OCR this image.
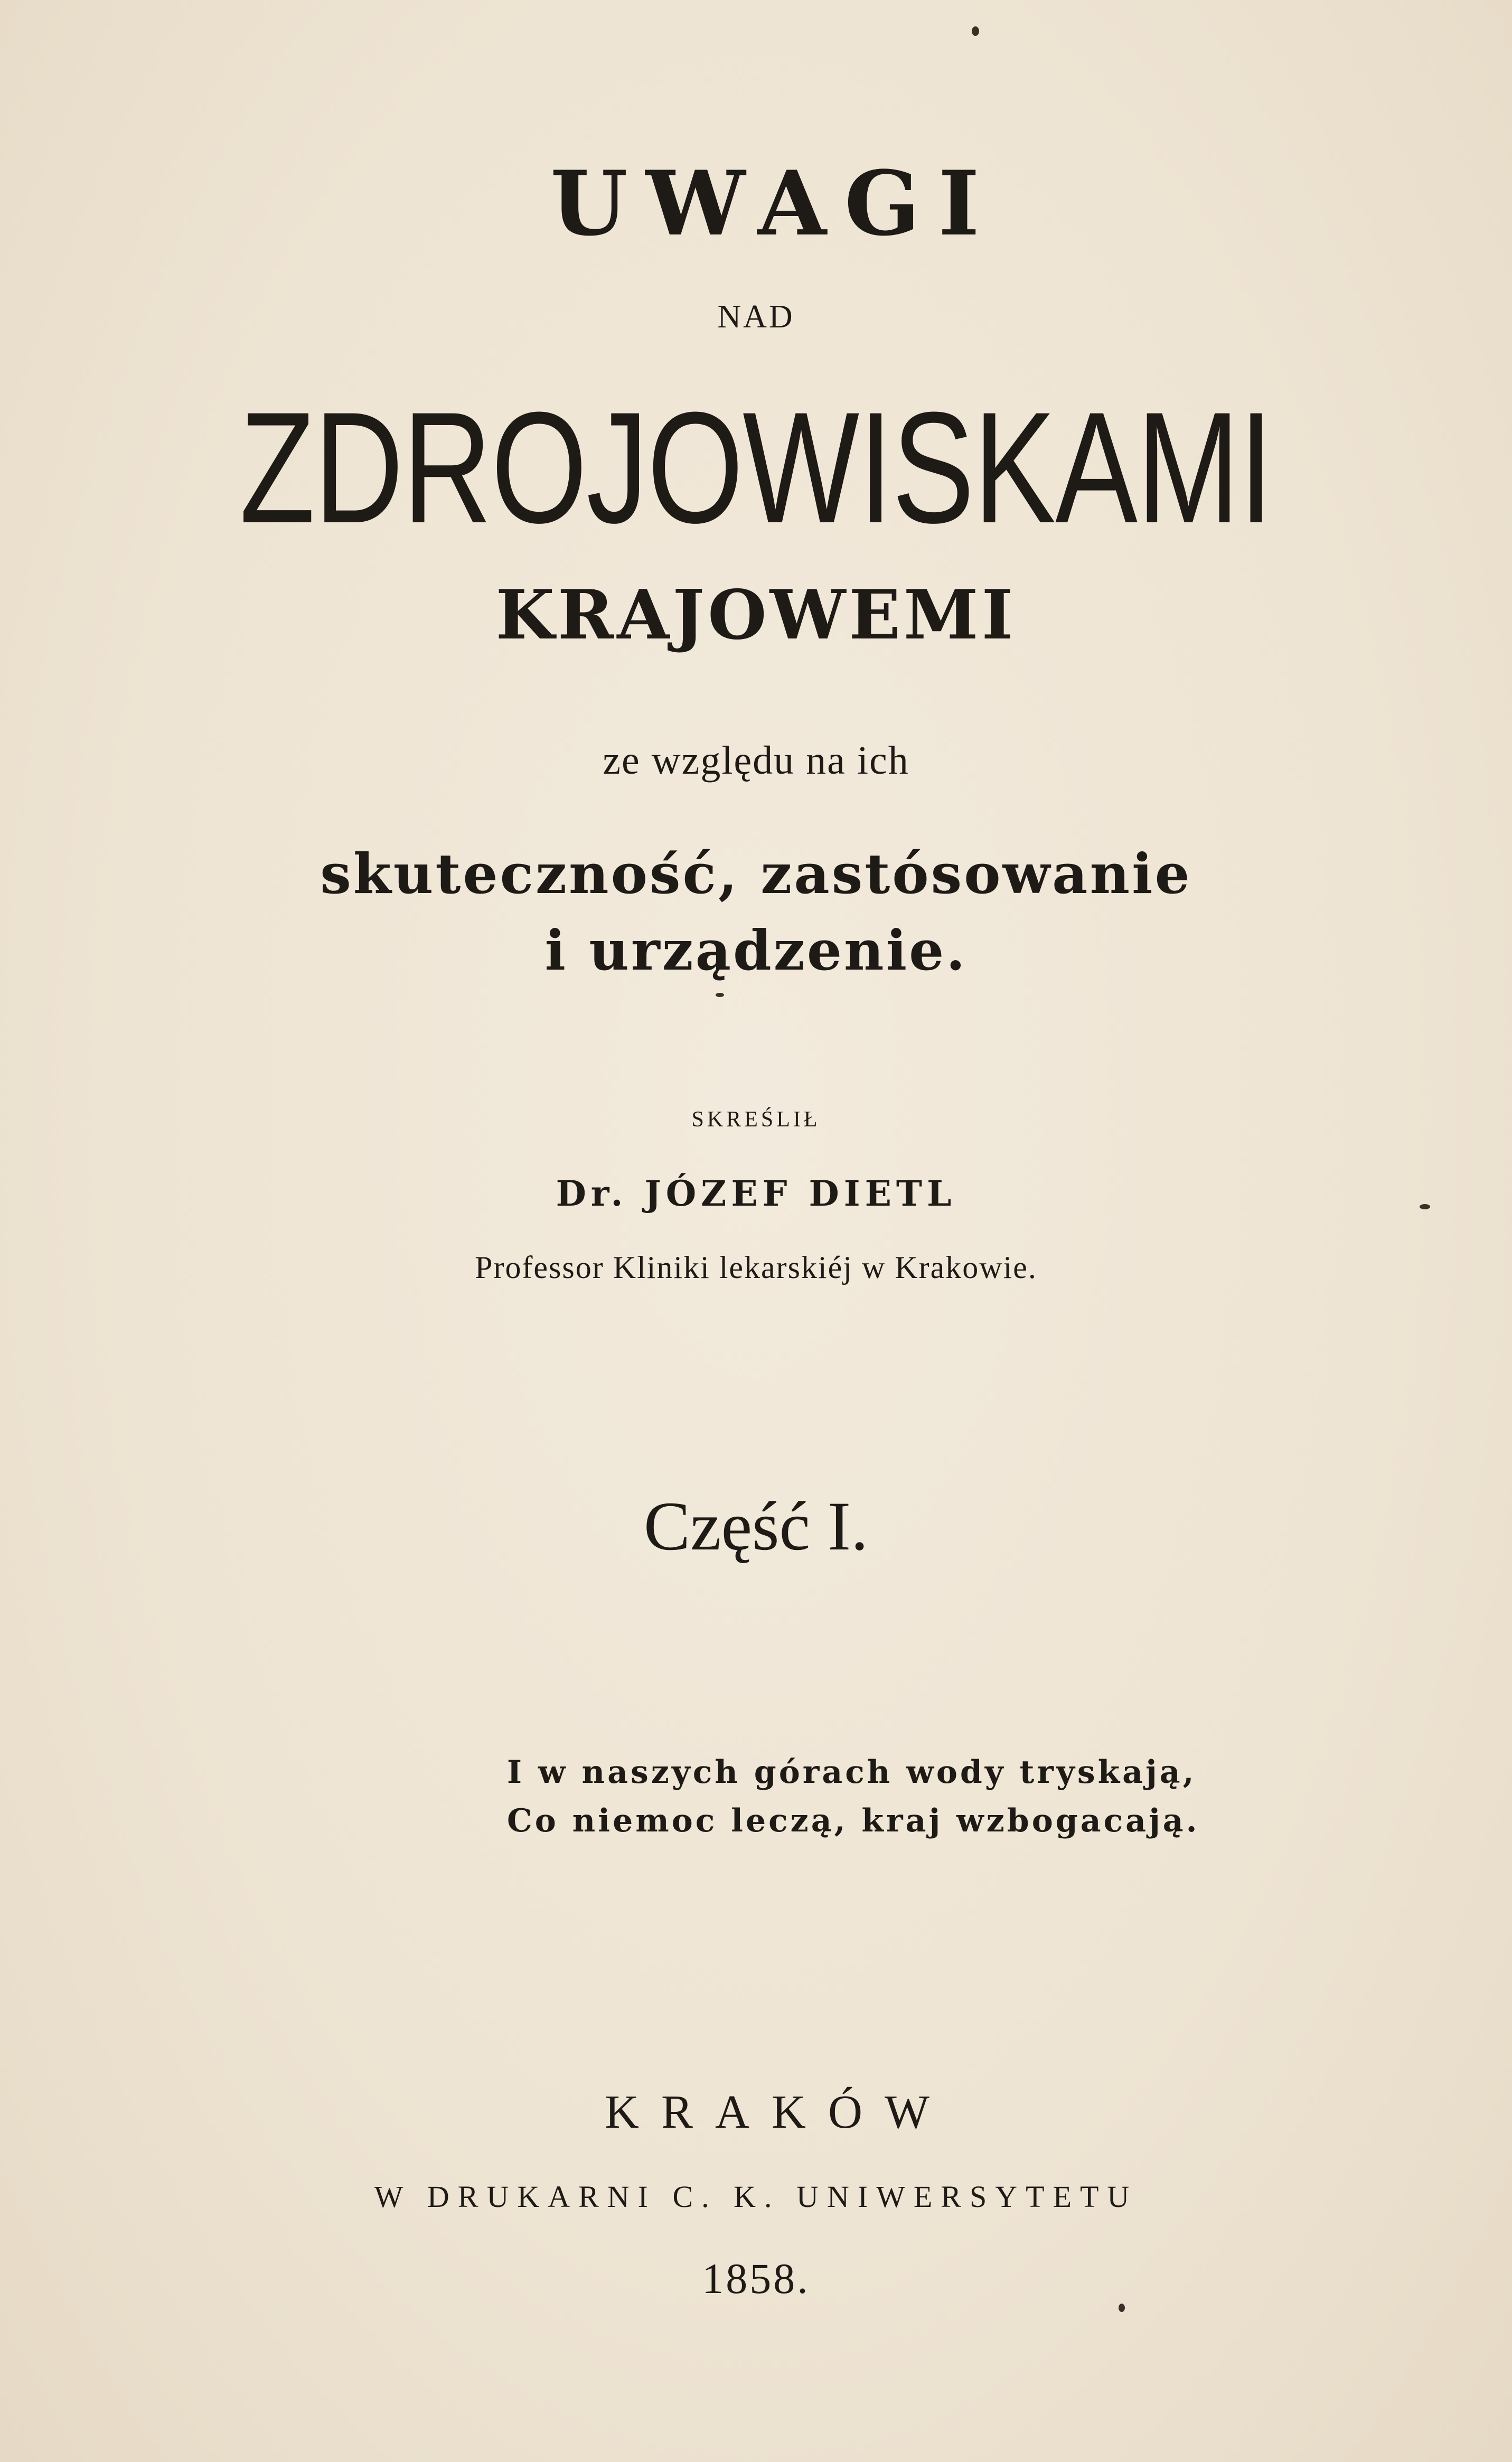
UWAGI
NAD
ZDROJOWISKAMI
KRAJOWEMI
ze względu na ich
skuteczność, zastósowanie
i urządzenie.
SKREŚLIŁ
Dr. JÓZEF DIETL
Professor Kliniki lekarskiéj w Krakowie.
Część I.
I w naszych górach wody tryskają,
Co niemoc leczą, kraj wzbogacają.
KRAKÓW
W DRUKARNI C. K. UNIWERSYTETU
1858.
